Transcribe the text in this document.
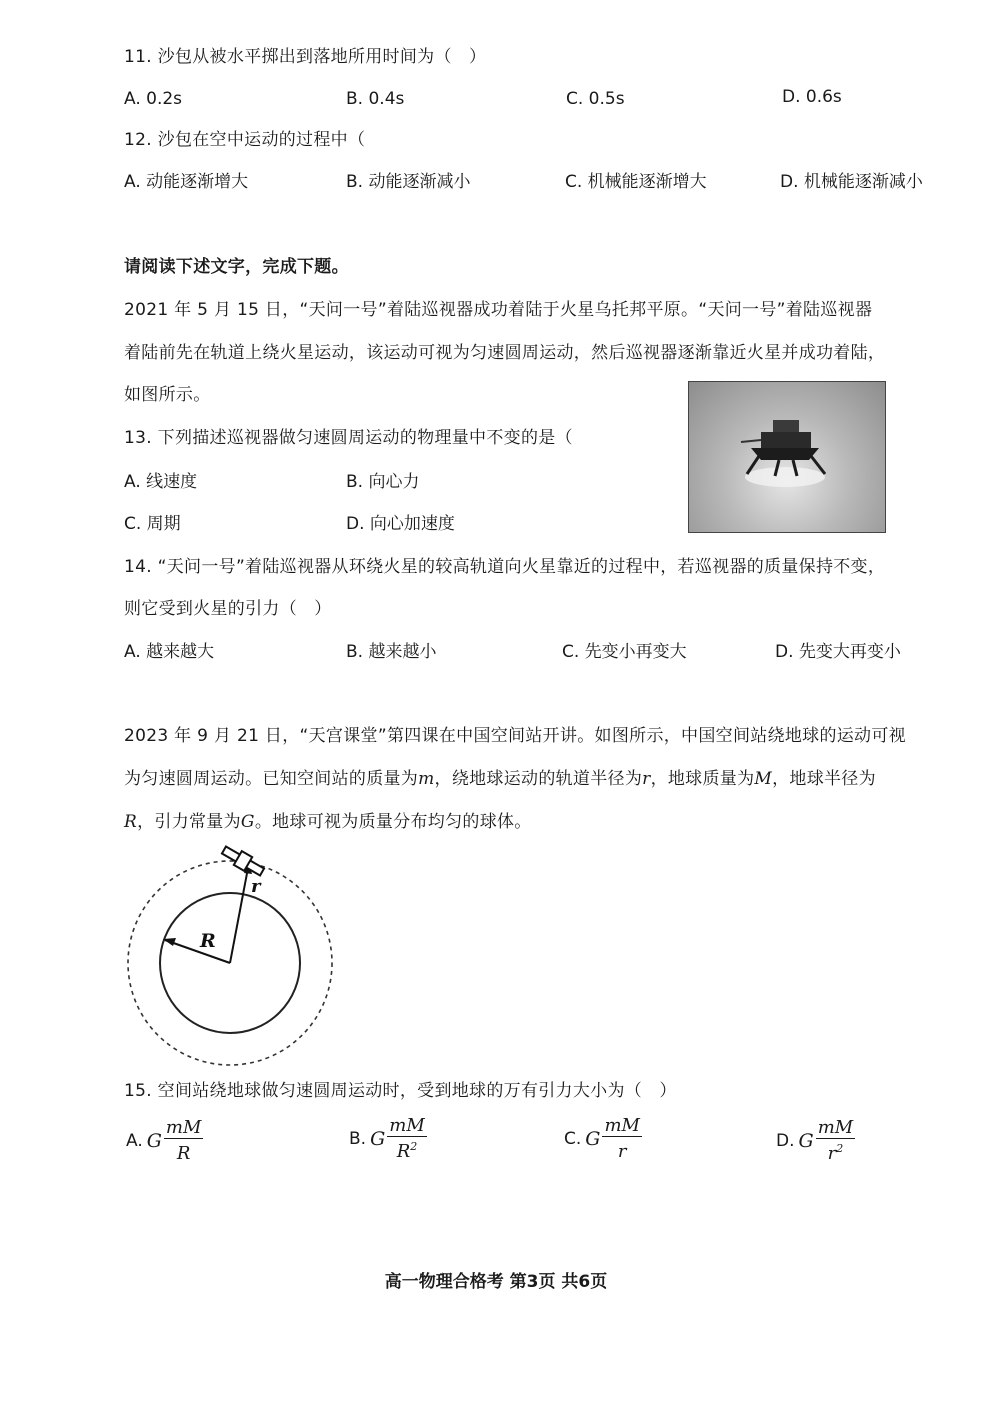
11. 沙包从被水平掷出到落地所用时间为（　）
A. 0.2s	B. 0.4s	C. 0.5s	D. 0.6s
12. 沙包在空中运动的过程中（
A. 动能逐渐增大	B. 动能逐渐减小	C. 机械能逐渐增大	D. 机械能逐渐减小
请阅读下述文字，完成下题。
2021 年 5 月 15 日，“天问一号”着陆巡视器成功着陆于火星乌托邦平原。“天问一号”着陆巡视器
着陆前先在轨道上绕火星运动，该运动可视为匀速圆周运动，然后巡视器逐渐靠近火星并成功着陆，
如图所示。
13. 下列描述巡视器做匀速圆周运动的物理量中不变的是（
A. 线速度	B. 向心力
C. 周期	D. 向心加速度
14. “天问一号”着陆巡视器从环绕火星的较高轨道向火星靠近的过程中，若巡视器的质量保持不变，
则它受到火星的引力（　）
A. 越来越大	B. 越来越小	C. 先变小再变大	D. 先变大再变小
2023 年 9 月 21 日，“天宫课堂”第四课在中国空间站开讲。如图所示，中国空间站绕地球的运动可视
为匀速圆周运动。已知空间站的质量为m，绕地球运动的轨道半径为r，地球质量为M，地球半径为
R，引力常量为G。地球可视为质量分布均匀的球体。
R
r
15. 空间站绕地球做匀速圆周运动时，受到地球的万有引力大小为（　）
A. G $\frac{mM}{R}$	B. G $\frac{mM}{R^2}$	C. G $\frac{mM}{r}$	D. G $\frac{mM}{r^2}$
高一物理合格考 第3页 共6页
